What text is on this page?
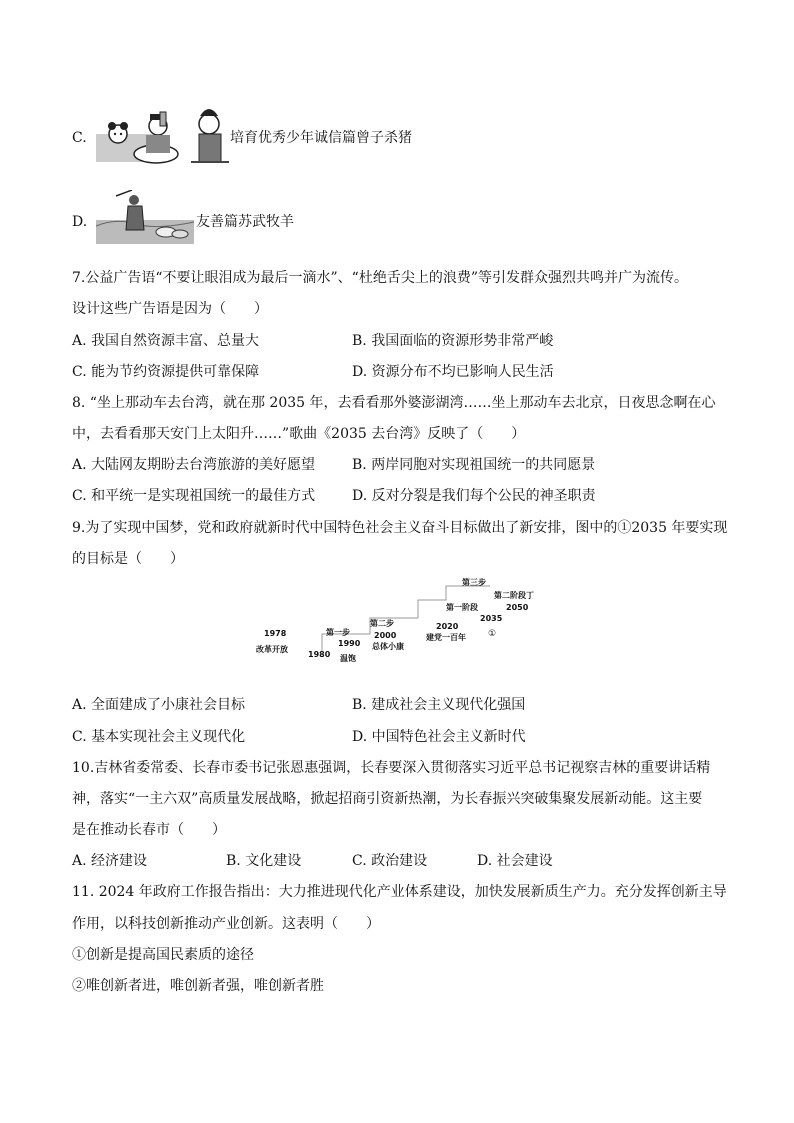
C.	培育优秀少年诚信篇曾子杀猪
D.	友善篇苏武牧羊
7.公益广告语“不要让眼泪成为最后一滴水”、“杜绝舌尖上的浪费”等引发群众强烈共鸣并广为流传。
设计这些广告语是因为（　　）
A. 我国自然资源丰富、总量大	B. 我国面临的资源形势非常严峻
C. 能为节约资源提供可靠保障	D. 资源分布不均已影响人民生活
8. “坐上那动车去台湾，就在那 2035 年，去看看那外婆澎湖湾……坐上那动车去北京，日夜思念啊在心
中，去看看那天安门上太阳升……”歌曲《2035 去台湾》反映了（　　）
A. 大陆网友期盼去台湾旅游的美好愿望	B. 两岸同胞对实现祖国统一的共同愿景
C. 和平统一是实现祖国统一的最佳方式	D. 反对分裂是我们每个公民的神圣职责
9.为了实现中国梦，党和政府就新时代中国特色社会主义奋斗目标做出了新安排，图中的①2035 年要实现
的目标是（　　）
1978
改革开放
1980
第一步
1990
温饱
第二步
2000
总体小康
2020
建党一百年
第一阶段
2035
①
第三步
第二阶段丁
2050
A. 全面建成了小康社会目标	B. 建成社会主义现代化强国
C. 基本实现社会主义现代化	D. 中国特色社会主义新时代
10.吉林省委常委、长春市委书记张恩惠强调，长春要深入贯彻落实习近平总书记视察吉林的重要讲话精
神，落实“一主六双”高质量发展战略，掀起招商引资新热潮，为长春振兴突破集聚发展新动能。这主要
是在推动长春市（　　）
A. 经济建设	B. 文化建设	C. 政治建设	D. 社会建设
11. 2024 年政府工作报告指出：大力推进现代化产业体系建设，加快发展新质生产力。充分发挥创新主导
作用，以科技创新推动产业创新。这表明（　　）
①创新是提高国民素质的途径
②唯创新者进，唯创新者强，唯创新者胜
